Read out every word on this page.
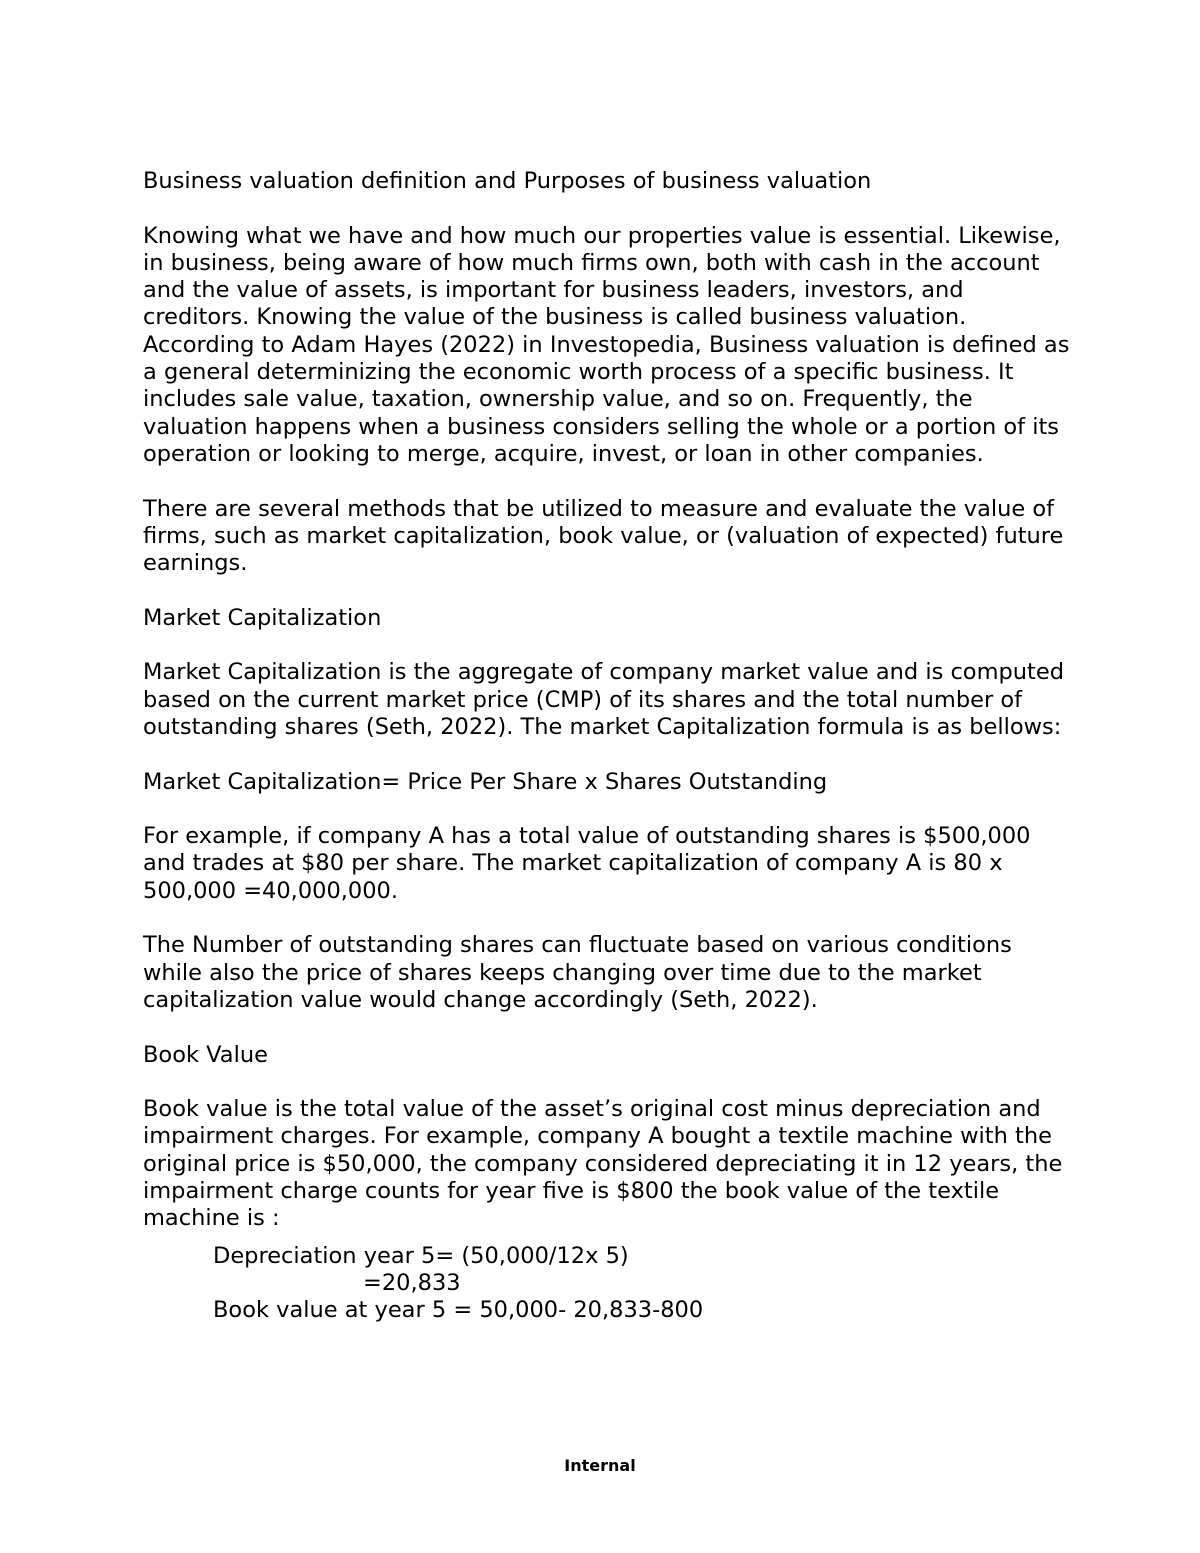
Business valuation definition and Purposes of business valuation

Knowing what we have and how much our properties value is essential. Likewise, in business, being aware of how much firms own, both with cash in the account and the value of assets, is important for business leaders, investors, and creditors. Knowing the value of the business is called business valuation. According to Adam Hayes (2022) in Investopedia, Business valuation is defined as a general determinizing the economic worth process of a specific business. It includes sale value, taxation, ownership value, and so on. Frequently, the valuation happens when a business considers selling the whole or a portion of its operation or looking to merge, acquire, invest, or loan in other companies.

There are several methods that be utilized to measure and evaluate the value of firms, such as market capitalization, book value, or (valuation of expected) future earnings.

Market Capitalization

Market Capitalization is the aggregate of company market value and is computed based on the current market price (CMP) of its shares and the total number of outstanding shares (Seth, 2022). The market Capitalization formula is as bellows:

Market Capitalization= Price Per Share x Shares Outstanding

For example, if company A has a total value of outstanding shares is $500,000 and trades at $80 per share. The market capitalization of company A is 80 x 500,000 =40,000,000.

The Number of outstanding shares can fluctuate based on various conditions while also the price of shares keeps changing over time due to the market capitalization value would change accordingly (Seth, 2022).

Book Value

Book value is the total value of the asset’s original cost minus depreciation and impairment charges. For example, company A bought a textile machine with the original price is $50,000, the company considered depreciating it in 12 years, the impairment charge counts for year five is $800 the book value of the textile machine is :

Depreciation year 5= (50,000/12x 5)

=20,833

Book value at year 5 = 50,000- 20,833-800

Internal
